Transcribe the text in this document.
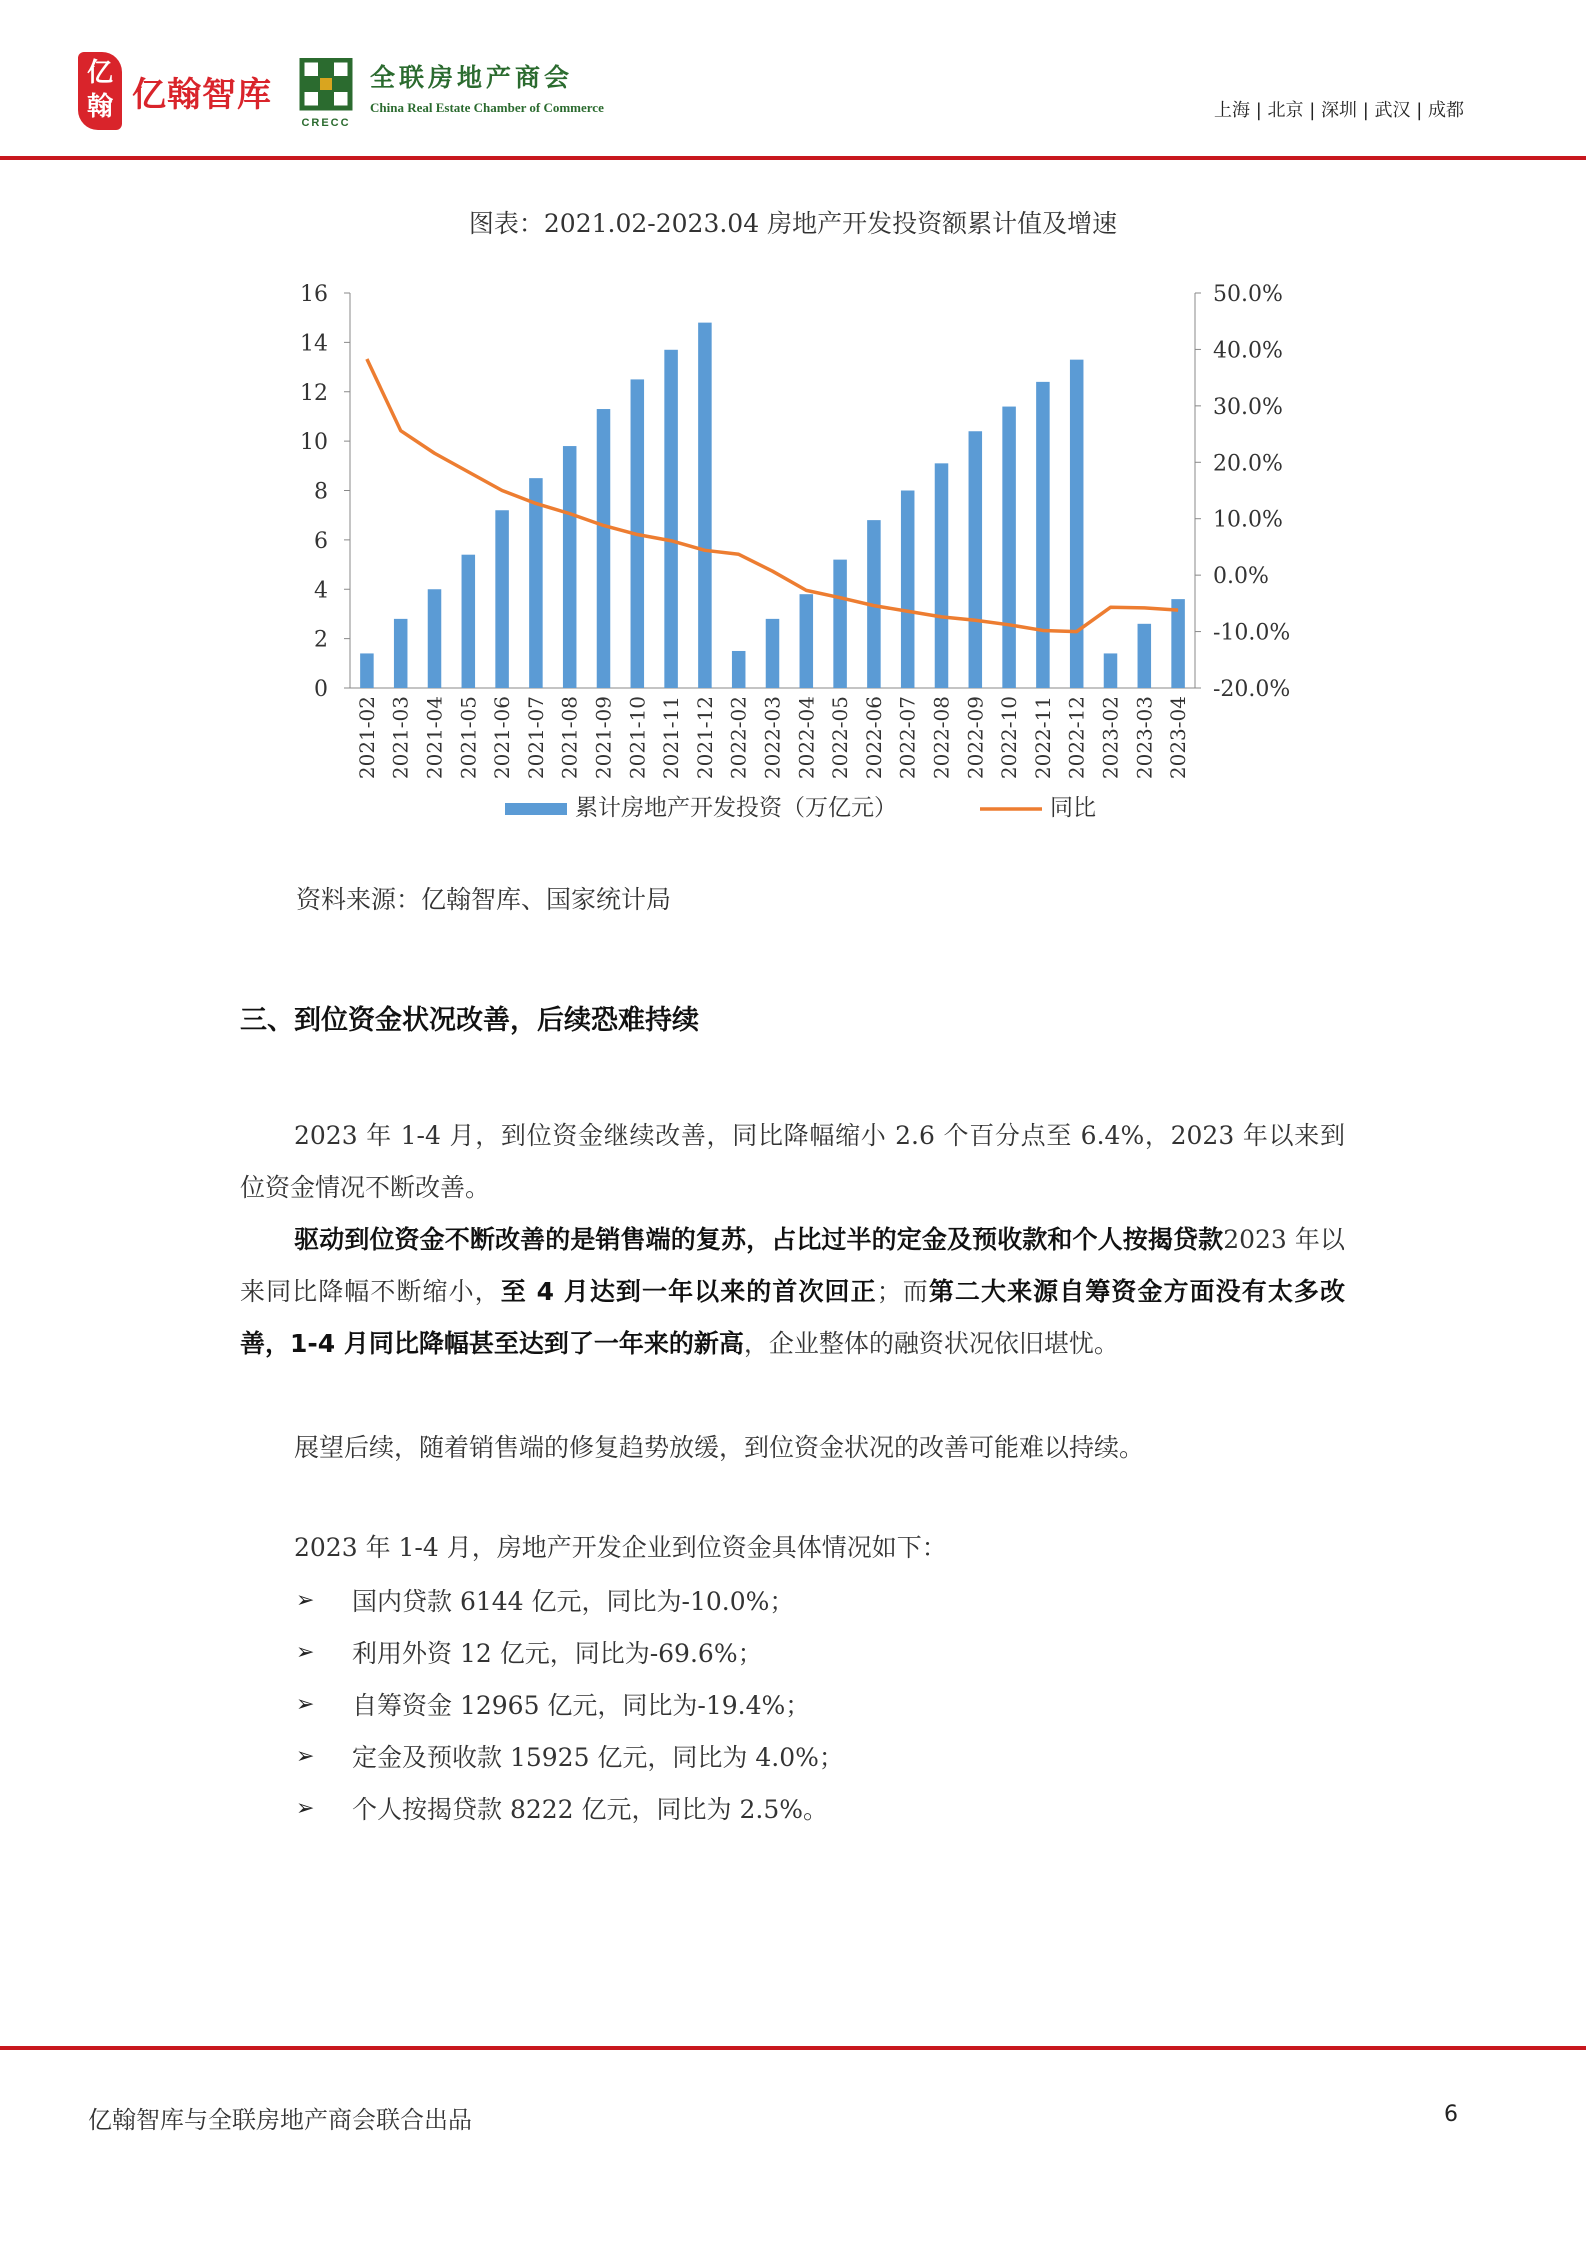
亿翰 亿翰智库
CRECC
全联房地产商会
China Real Estate Chamber of Commerce	上海 | 北京 | 深圳 | 武汉 | 成都
图表：2021.02-2023.04 房地产开发投资额累计值及增速
0
2
4
6
8
10
12
14
16
-20.0%
-10.0%
0.0%
10.0%
20.0%
30.0%
40.0%
50.0%
2021-02 2021-03 2021-04 2021-05 2021-06 2021-07 2021-08 2021-09 2021-10 2021-11 2021-12 2022-02 2022-03 2022-04 2022-05 2022-06 2022-07 2022-08 2022-09 2022-10 2022-11 2022-12 2023-02 2023-03 2023-04
累计房地产开发投资（万亿元）	同比
资料来源：亿翰智库、国家统计局
三、到位资金状况改善，后续恐难持续
2023 年 1-4 月，到位资金继续改善，同比降幅缩小 2.6 个百分点至 6.4%，2023 年以来到位资金情况不断改善。
驱动到位资金不断改善的是销售端的复苏，占比过半的定金及预收款和个人按揭贷款2023 年以来同比降幅不断缩小，至 4 月达到一年以来的首次回正；而第二大来源自筹资金方面没有太多改善，1-4 月同比降幅甚至达到了一年来的新高，企业整体的融资状况依旧堪忧。
展望后续，随着销售端的修复趋势放缓，到位资金状况的改善可能难以持续。
2023 年 1-4 月，房地产开发企业到位资金具体情况如下：
➢	国内贷款 6144 亿元，同比为-10.0%；
➢	利用外资 12 亿元，同比为-69.6%；
➢	自筹资金 12965 亿元，同比为-19.4%；
➢	定金及预收款 15925 亿元，同比为 4.0%；
➢	个人按揭贷款 8222 亿元，同比为 2.5%。
亿翰智库与全联房地产商会联合出品	6
